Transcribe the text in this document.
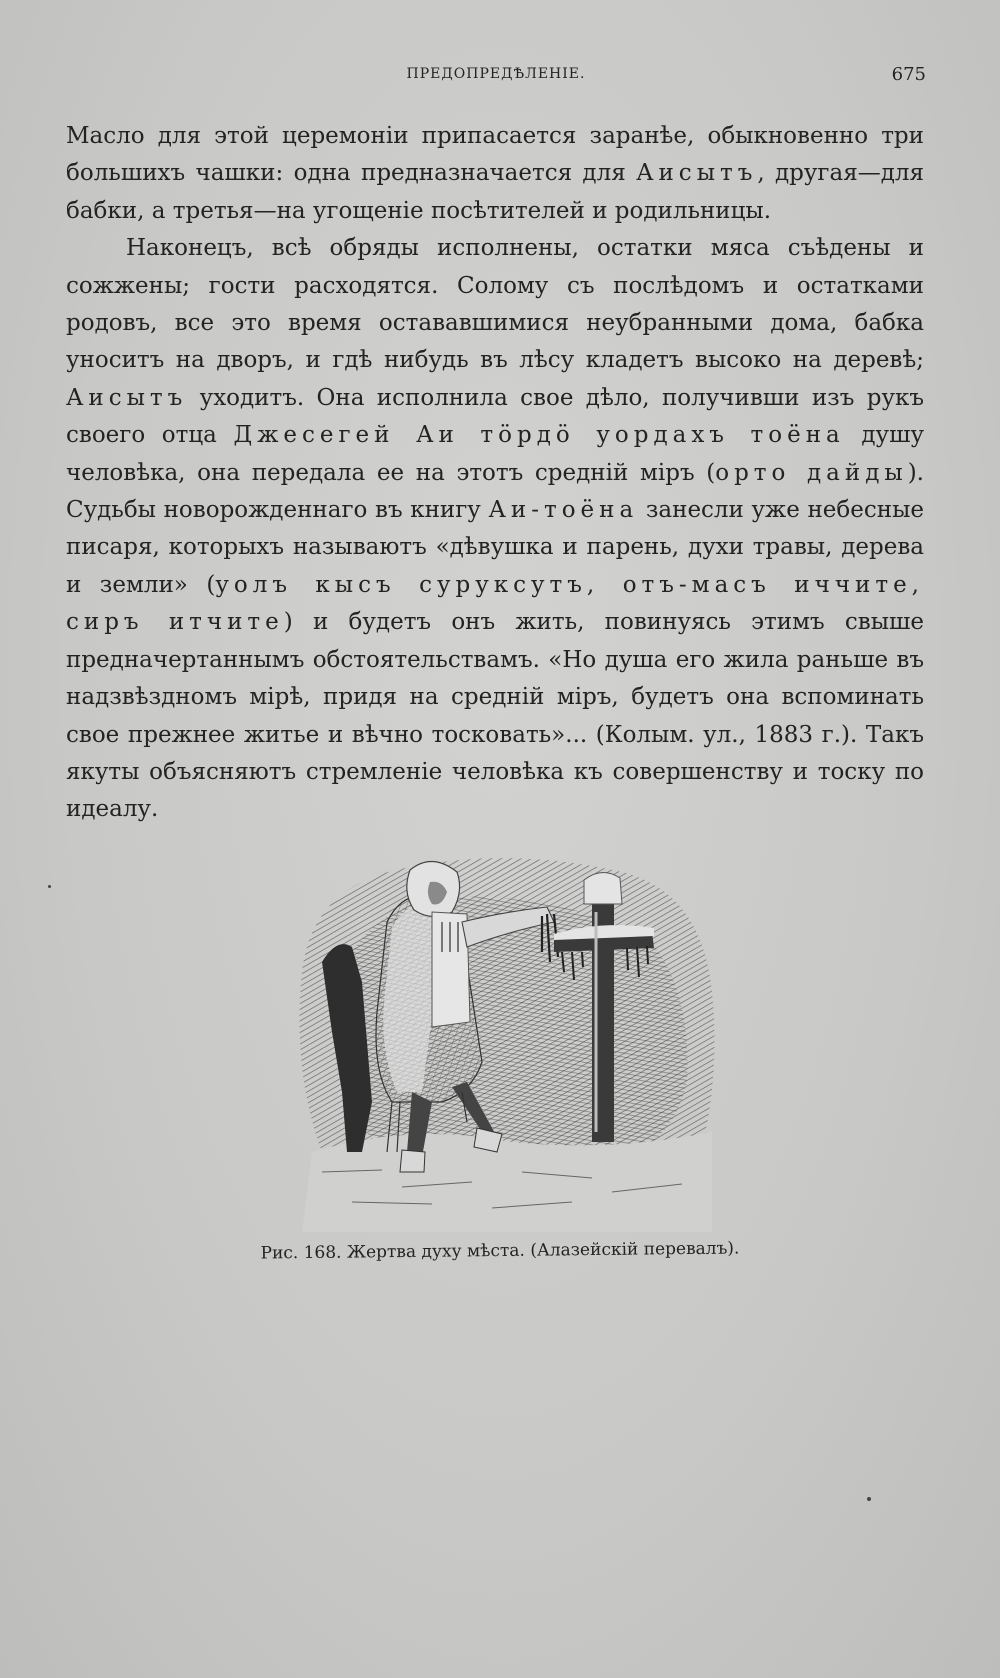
ПРЕДОПРЕДѢЛЕНІЕ.	675

Масло для этой церемоніи припасается заранѣе, обыкновенно три большихъ чашки: одна предназначается для Аисытъ, другая—для бабки, а третья—на угощеніе посѣтителей и родильницы.

Наконецъ, всѣ обряды исполнены, остатки мяса съѣдены и сожжены; гости расходятся. Солому съ послѣдомъ и остатками родовъ, все это время остававшимися неубранными дома, бабка уноситъ на дворъ, и гдѣ нибудь въ лѣсу кладетъ высоко на деревѣ; Аисытъ уходитъ. Она исполнила свое дѣло, получивши изъ рукъ своего отца Джесегей Аи тöрдö уордахъ тоёна душу человѣка, она передала ее на этотъ средній міръ (орто дайды). Судьбы новорожденнаго въ книгу Аи-тоёна занесли уже небесные писаря, которыхъ называютъ «дѣвушка и парень, духи травы, дерева и земли» (уолъ кысъ сурукcутъ, отъ-масъ иччите, сиръ итчите) и будетъ онъ жить, повинуясь этимъ свыше предначертаннымъ обстоятельствамъ. «Но душа его жила раньше въ надзвѣздномъ мірѣ, придя на средній міръ, будетъ она вспоминать свое прежнее житье и вѣчно тосковать»... (Колым. ул., 1883 г.). Такъ якуты объясняютъ стремленіе человѣка къ совершенству и тоску по идеалу.

Рис. 168. Жертва духу мѣста. (Алазейскій перевалъ).
